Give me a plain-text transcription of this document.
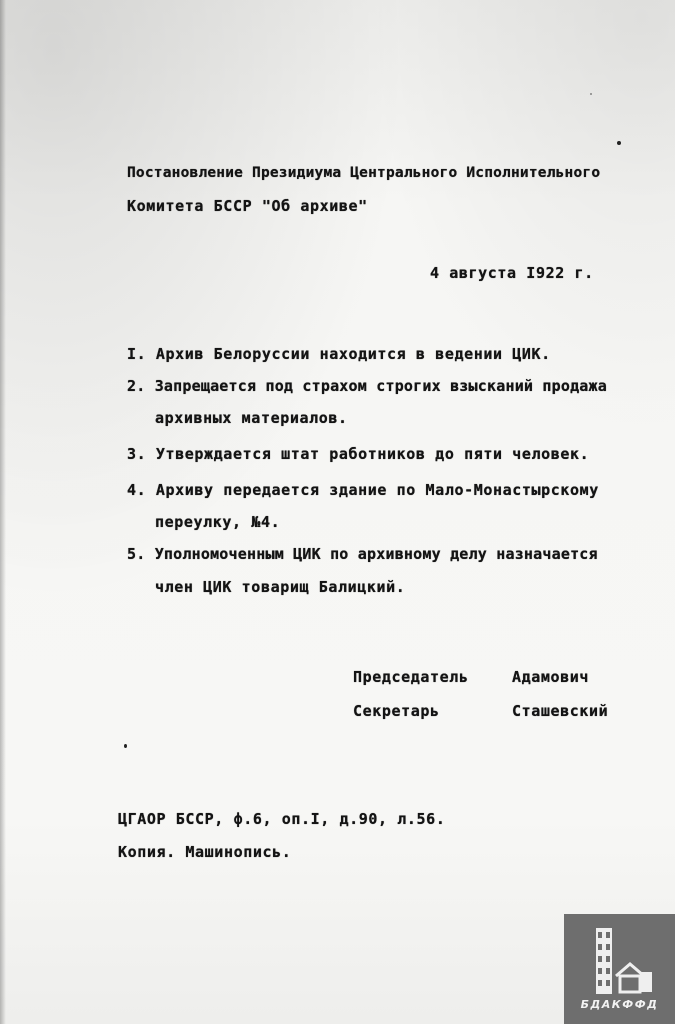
Постановление Президиума Центрального Исполнительного
Комитета БССР "Об архиве"
4 августа I922 г.
I. Архив Белоруссии находится в ведении ЦИК.
2. Запрещается под страхом строгих взысканий продажа
архивных материалов.
3. Утверждается штат работников до пяти человек.
4. Архиву передается здание по Мало-Монастырскому
переулку, №4.
5. Уполномоченным ЦИК по архивному делу назначается
член ЦИК товарищ Балицкий.
Председатель	Адамович
Секретарь	Сташевский
ЦГАОР БССР, ф.6, оп.I, д.90, л.56.
Копия. Машинопись.
БДАКФФД
